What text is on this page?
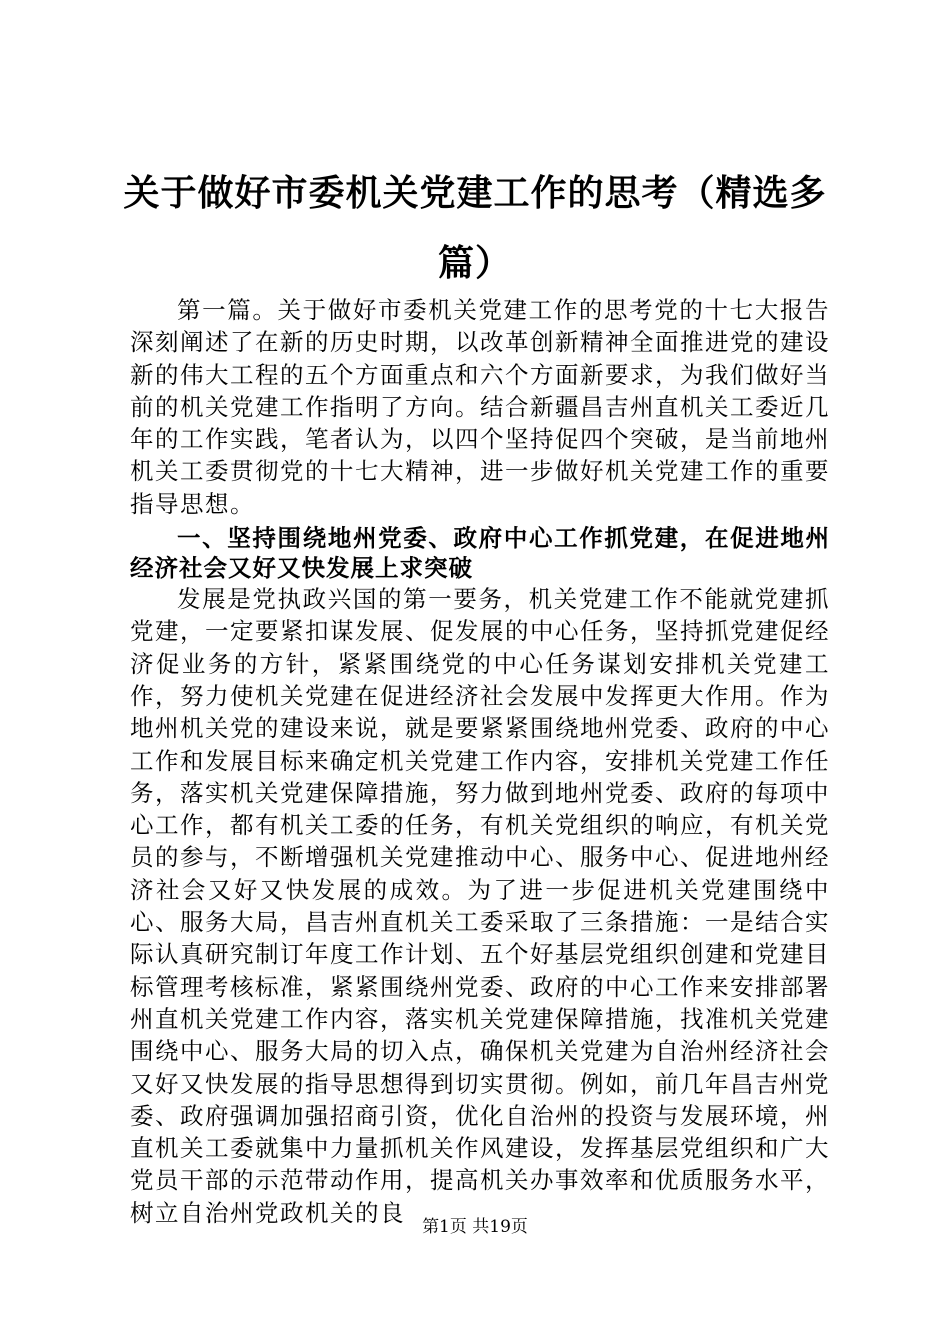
关于做好市委机关党建工作的思考（精选多篇）

第一篇。关于做好市委机关党建工作的思考党的十七大报告深刻阐述了在新的历史时期，以改革创新精神全面推进党的建设新的伟大工程的五个方面重点和六个方面新要求，为我们做好当前的机关党建工作指明了方向。结合新疆昌吉州直机关工委近几年的工作实践，笔者认为，以四个坚持促四个突破，是当前地州机关工委贯彻党的十七大精神，进一步做好机关党建工作的重要指导思想。

一、坚持围绕地州党委、政府中心工作抓党建，在促进地州经济社会又好又快发展上求突破

发展是党执政兴国的第一要务，机关党建工作不能就党建抓党建，一定要紧扣谋发展、促发展的中心任务，坚持抓党建促经济促业务的方针，紧紧围绕党的中心任务谋划安排机关党建工作，努力使机关党建在促进经济社会发展中发挥更大作用。作为地州机关党的建设来说，就是要紧紧围绕地州党委、政府的中心工作和发展目标来确定机关党建工作内容，安排机关党建工作任务，落实机关党建保障措施，努力做到地州党委、政府的每项中心工作，都有机关工委的任务，有机关党组织的响应，有机关党员的参与，不断增强机关党建推动中心、服务中心、促进地州经济社会又好又快发展的成效。为了进一步促进机关党建围绕中心、服务大局，昌吉州直机关工委采取了三条措施：一是结合实际认真研究制订年度工作计划、五个好基层党组织创建和党建目标管理考核标准，紧紧围绕州党委、政府的中心工作来安排部署州直机关党建工作内容，落实机关党建保障措施，找准机关党建围绕中心、服务大局的切入点，确保机关党建为自治州经济社会又好又快发展的指导思想得到切实贯彻。例如，前几年昌吉州党委、政府强调加强招商引资，优化自治州的投资与发展环境，州直机关工委就集中力量抓机关作风建设，发挥基层党组织和广大党员干部的示范带动作用，提高机关办事效率和优质服务水平，树立自治州党政机关的良

第1页 共19页
